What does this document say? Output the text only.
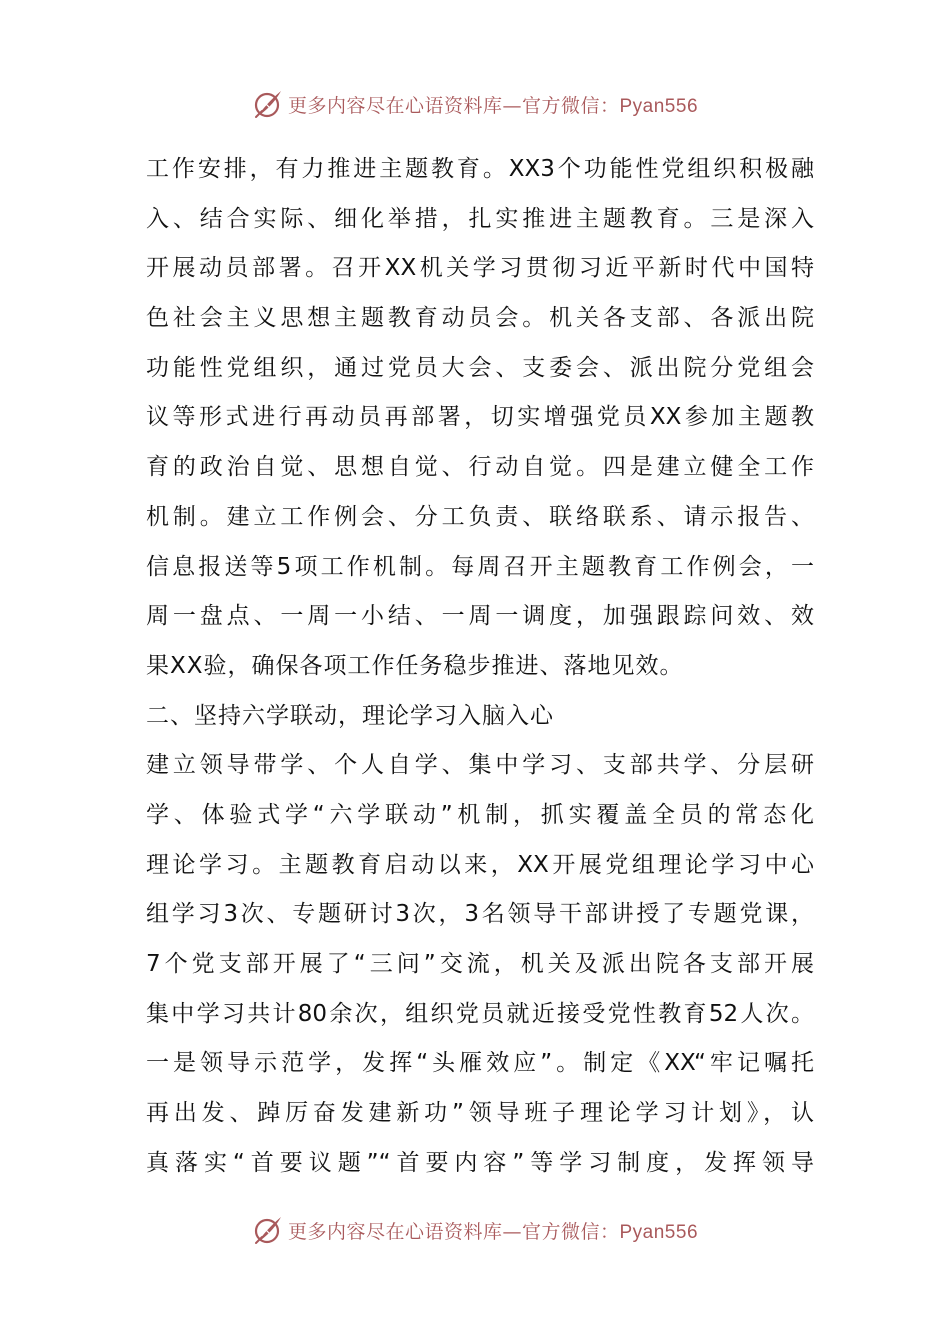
更多内容尽在心语资料库—官方微信：Pyan556
工作安排，有力推进主题教育。XX3个功能性党组织积极融
入、结合实际、细化举措，扎实推进主题教育。三是深入
开展动员部署。召开XX机关学习贯彻习近平新时代中国特
色社会主义思想主题教育动员会。机关各支部、各派出院
功能性党组织，通过党员大会、支委会、派出院分党组会
议等形式进行再动员再部署，切实增强党员XX参加主题教
育的政治自觉、思想自觉、行动自觉。四是建立健全工作
机制。建立工作例会、分工负责、联络联系、请示报告、
信息报送等5项工作机制。每周召开主题教育工作例会，一
周一盘点、一周一小结、一周一调度，加强跟踪问效、效
果XX验，确保各项工作任务稳步推进、落地见效。
二、坚持六学联动，理论学习入脑入心
建立领导带学、个人自学、集中学习、支部共学、分层研
学、体验式学“六学联动”机制，抓实覆盖全员的常态化
理论学习。主题教育启动以来，XX开展党组理论学习中心
组学习3次、专题研讨3次，3名领导干部讲授了专题党课，
7个党支部开展了“三问”交流，机关及派出院各支部开展
集中学习共计80余次，组织党员就近接受党性教育52人次。
一是领导示范学，发挥“头雁效应”。制定《XX“牢记嘱托
再出发、踔厉奋发建新功”领导班子理论学习计划》，认
真落实“首要议题”“首要内容”等学习制度，发挥领导
更多内容尽在心语资料库—官方微信：Pyan556
